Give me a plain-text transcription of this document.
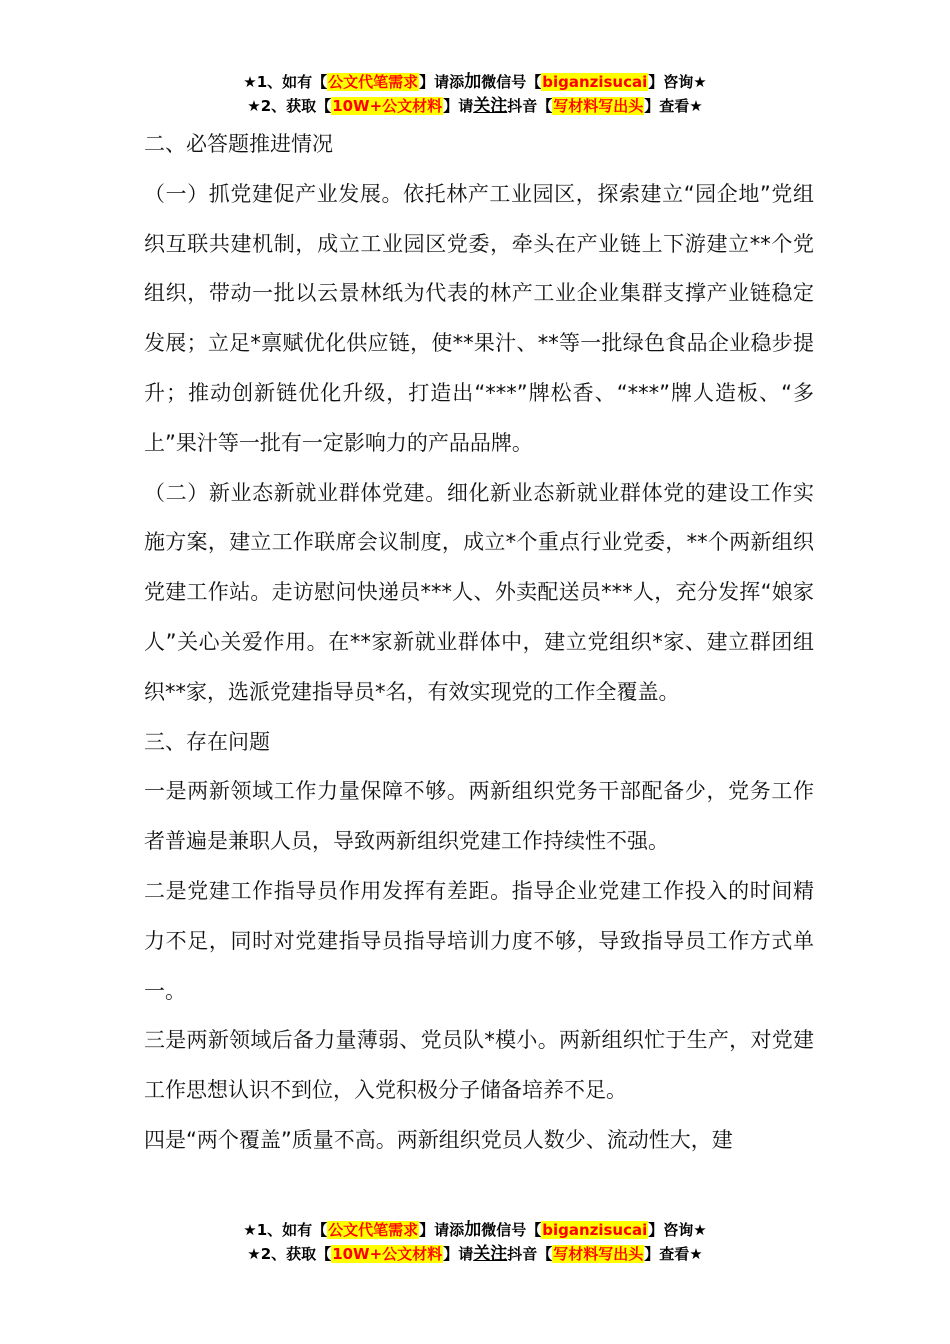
★1、如有【公文代笔需求】请添加微信号【biganzisucai】咨询★
★2、获取【10W+公文材料】请关注抖音【写材料写出头】查看★

二、必答题推进情况

（一）抓党建促产业发展。依托林产工业园区，探索建立“园企地”党组织互联共建机制，成立工业园区党委，牵头在产业链上下游建立**个党组织，带动一批以云景林纸为代表的林产工业企业集群支撑产业链稳定发展；立足*禀赋优化供应链，使**果汁、**等一批绿色食品企业稳步提升；推动创新链优化升级，打造出“***”牌松香、“***”牌人造板、“多上”果汁等一批有一定影响力的产品品牌。

（二）新业态新就业群体党建。细化新业态新就业群体党的建设工作实施方案，建立工作联席会议制度，成立*个重点行业党委，**个两新组织党建工作站。走访慰问快递员***人、外卖配送员***人，充分发挥“娘家人”关心关爱作用。在**家新就业群体中，建立党组织*家、建立群团组织**家，选派党建指导员*名，有效实现党的工作全覆盖。

三、存在问题

一是两新领域工作力量保障不够。两新组织党务干部配备少，党务工作者普遍是兼职人员，导致两新组织党建工作持续性不强。

二是党建工作指导员作用发挥有差距。指导企业党建工作投入的时间精力不足，同时对党建指导员指导培训力度不够，导致指导员工作方式单一。

三是两新领域后备力量薄弱、党员队*模小。两新组织忙于生产，对党建工作思想认识不到位，入党积极分子储备培养不足。

四是“两个覆盖”质量不高。两新组织党员人数少、流动性大，建

★1、如有【公文代笔需求】请添加微信号【biganzisucai】咨询★
★2、获取【10W+公文材料】请关注抖音【写材料写出头】查看★
